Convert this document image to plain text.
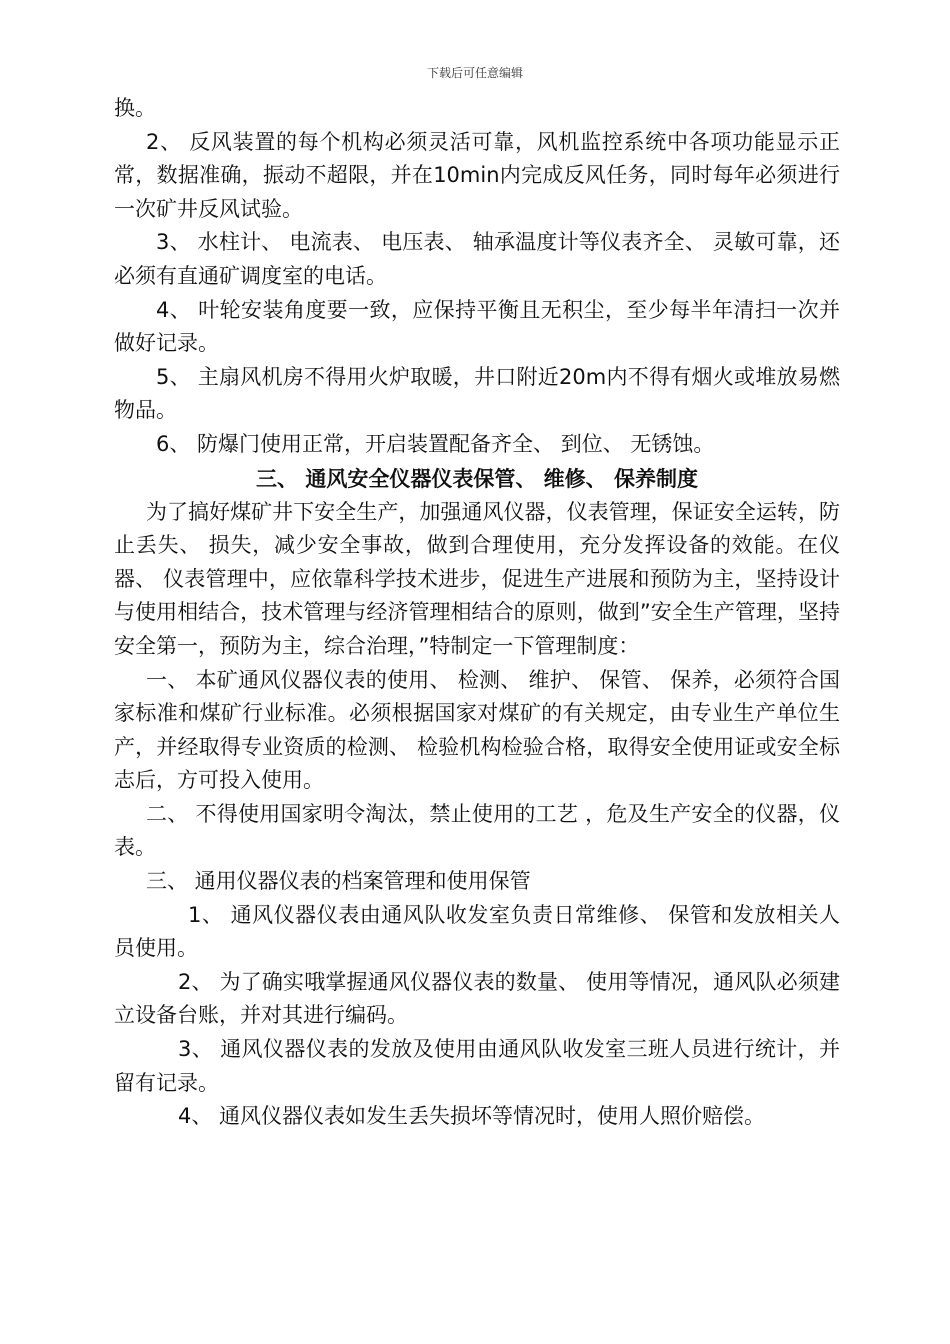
下载后可任意编辑

换。

2、 反风装置的每个机构必须灵活可靠，风机监控系统中各项功能显示正常，数据准确，振动不超限，并在10min内完成反风任务，同时每年必须进行一次矿井反风试验。

3、 水柱计、 电流表、 电压表、 轴承温度计等仪表齐全、 灵敏可靠，还必须有直通矿调度室的电话。

4、 叶轮安装角度要一致，应保持平衡且无积尘，至少每半年清扫一次并做好记录。

5、 主扇风机房不得用火炉取暖，井口附近20m内不得有烟火或堆放易燃物品。

6、 防爆门使用正常，开启装置配备齐全、 到位、 无锈蚀。

三、 通风安全仪器仪表保管、 维修、 保养制度

为了搞好煤矿井下安全生产，加强通风仪器，仪表管理，保证安全运转，防止丢失、 损失，减少安全事故，做到合理使用，充分发挥设备的效能。在仪器、 仪表管理中，应依靠科学技术进步，促进生产进展和预防为主，坚持设计与使用相结合，技术管理与经济管理相结合的原则，做到”安全生产管理，坚持安全第一，预防为主，综合治理，”特制定一下管理制度：

一、 本矿通风仪器仪表的使用、 检测、 维护、 保管、 保养，必须符合国家标准和煤矿行业标准。必须根据国家对煤矿的有关规定，由专业生产单位生产，并经取得专业资质的检测、 检验机构检验合格，取得安全使用证或安全标志后，方可投入使用。

二、 不得使用国家明令淘汰，禁止使用的工艺 ，危及生产安全的仪器，仪表。

三、 通用仪器仪表的档案管理和使用保管

1、 通风仪器仪表由通风队收发室负责日常维修、 保管和发放相关人员使用。

2、 为了确实哦掌握通风仪器仪表的数量、 使用等情况，通风队必须建立设备台账，并对其进行编码。

3、 通风仪器仪表的发放及使用由通风队收发室三班人员进行统计，并留有记录。

4、 通风仪器仪表如发生丢失损坏等情况时，使用人照价赔偿。
